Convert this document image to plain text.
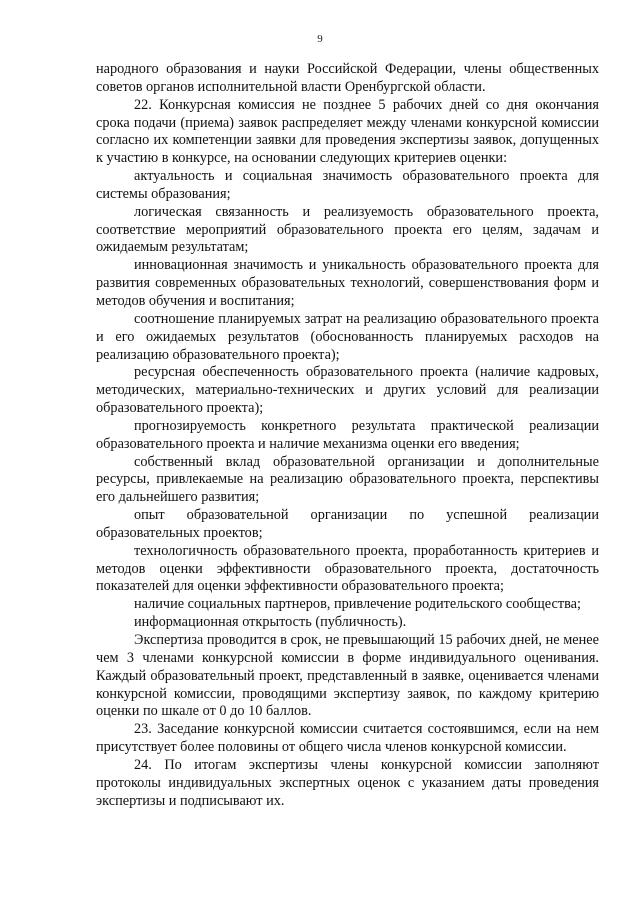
9

народного образования и науки Российской Федерации, члены общественных советов органов исполнительной власти Оренбургской области.

22. Конкурсная комиссия не позднее 5 рабочих дней со дня окончания срока подачи (приема) заявок распределяет между членами конкурсной комиссии согласно их компетенции заявки для проведения экспертизы заявок, допущенных к участию в конкурсе, на основании следующих критериев оценки:

актуальность и социальная значимость образовательного проекта для системы образования;

логическая связанность и реализуемость образовательного проекта, соответствие мероприятий образовательного проекта его целям, задачам и ожидаемым результатам;

инновационная значимость и уникальность образовательного проекта для развития современных образовательных технологий, совершенствования форм и методов обучения и воспитания;

соотношение планируемых затрат на реализацию образовательного проекта и его ожидаемых результатов (обоснованность планируемых расходов на реализацию образовательного проекта);

ресурсная обеспеченность образовательного проекта (наличие кадровых, методических, материально-технических и других условий для реализации образовательного проекта);

прогнозируемость конкретного результата практической реализации образовательного проекта и наличие механизма оценки его введения;

собственный вклад образовательной организации и дополнительные ресурсы, привлекаемые на реализацию образовательного проекта, перспективы его дальнейшего развития;

опыт образовательной организации по успешной реализации образовательных проектов;

технологичность образовательного проекта, проработанность критериев и методов оценки эффективности образовательного проекта, достаточность показателей для оценки эффективности образовательного проекта;

наличие социальных партнеров, привлечение родительского сообщества;

информационная открытость (публичность).

Экспертиза проводится в срок, не превышающий 15 рабочих дней, не менее чем 3 членами конкурсной комиссии в форме индивидуального оценивания. Каждый образовательный проект, представленный в заявке, оценивается членами конкурсной комиссии, проводящими экспертизу заявок, по каждому критерию оценки по шкале от 0 до 10 баллов.

23. Заседание конкурсной комиссии считается состоявшимся, если на нем присутствует более половины от общего числа членов конкурсной комиссии.

24. По итогам экспертизы члены конкурсной комиссии заполняют протоколы индивидуальных экспертных оценок с указанием даты проведения экспертизы и подписывают их.
